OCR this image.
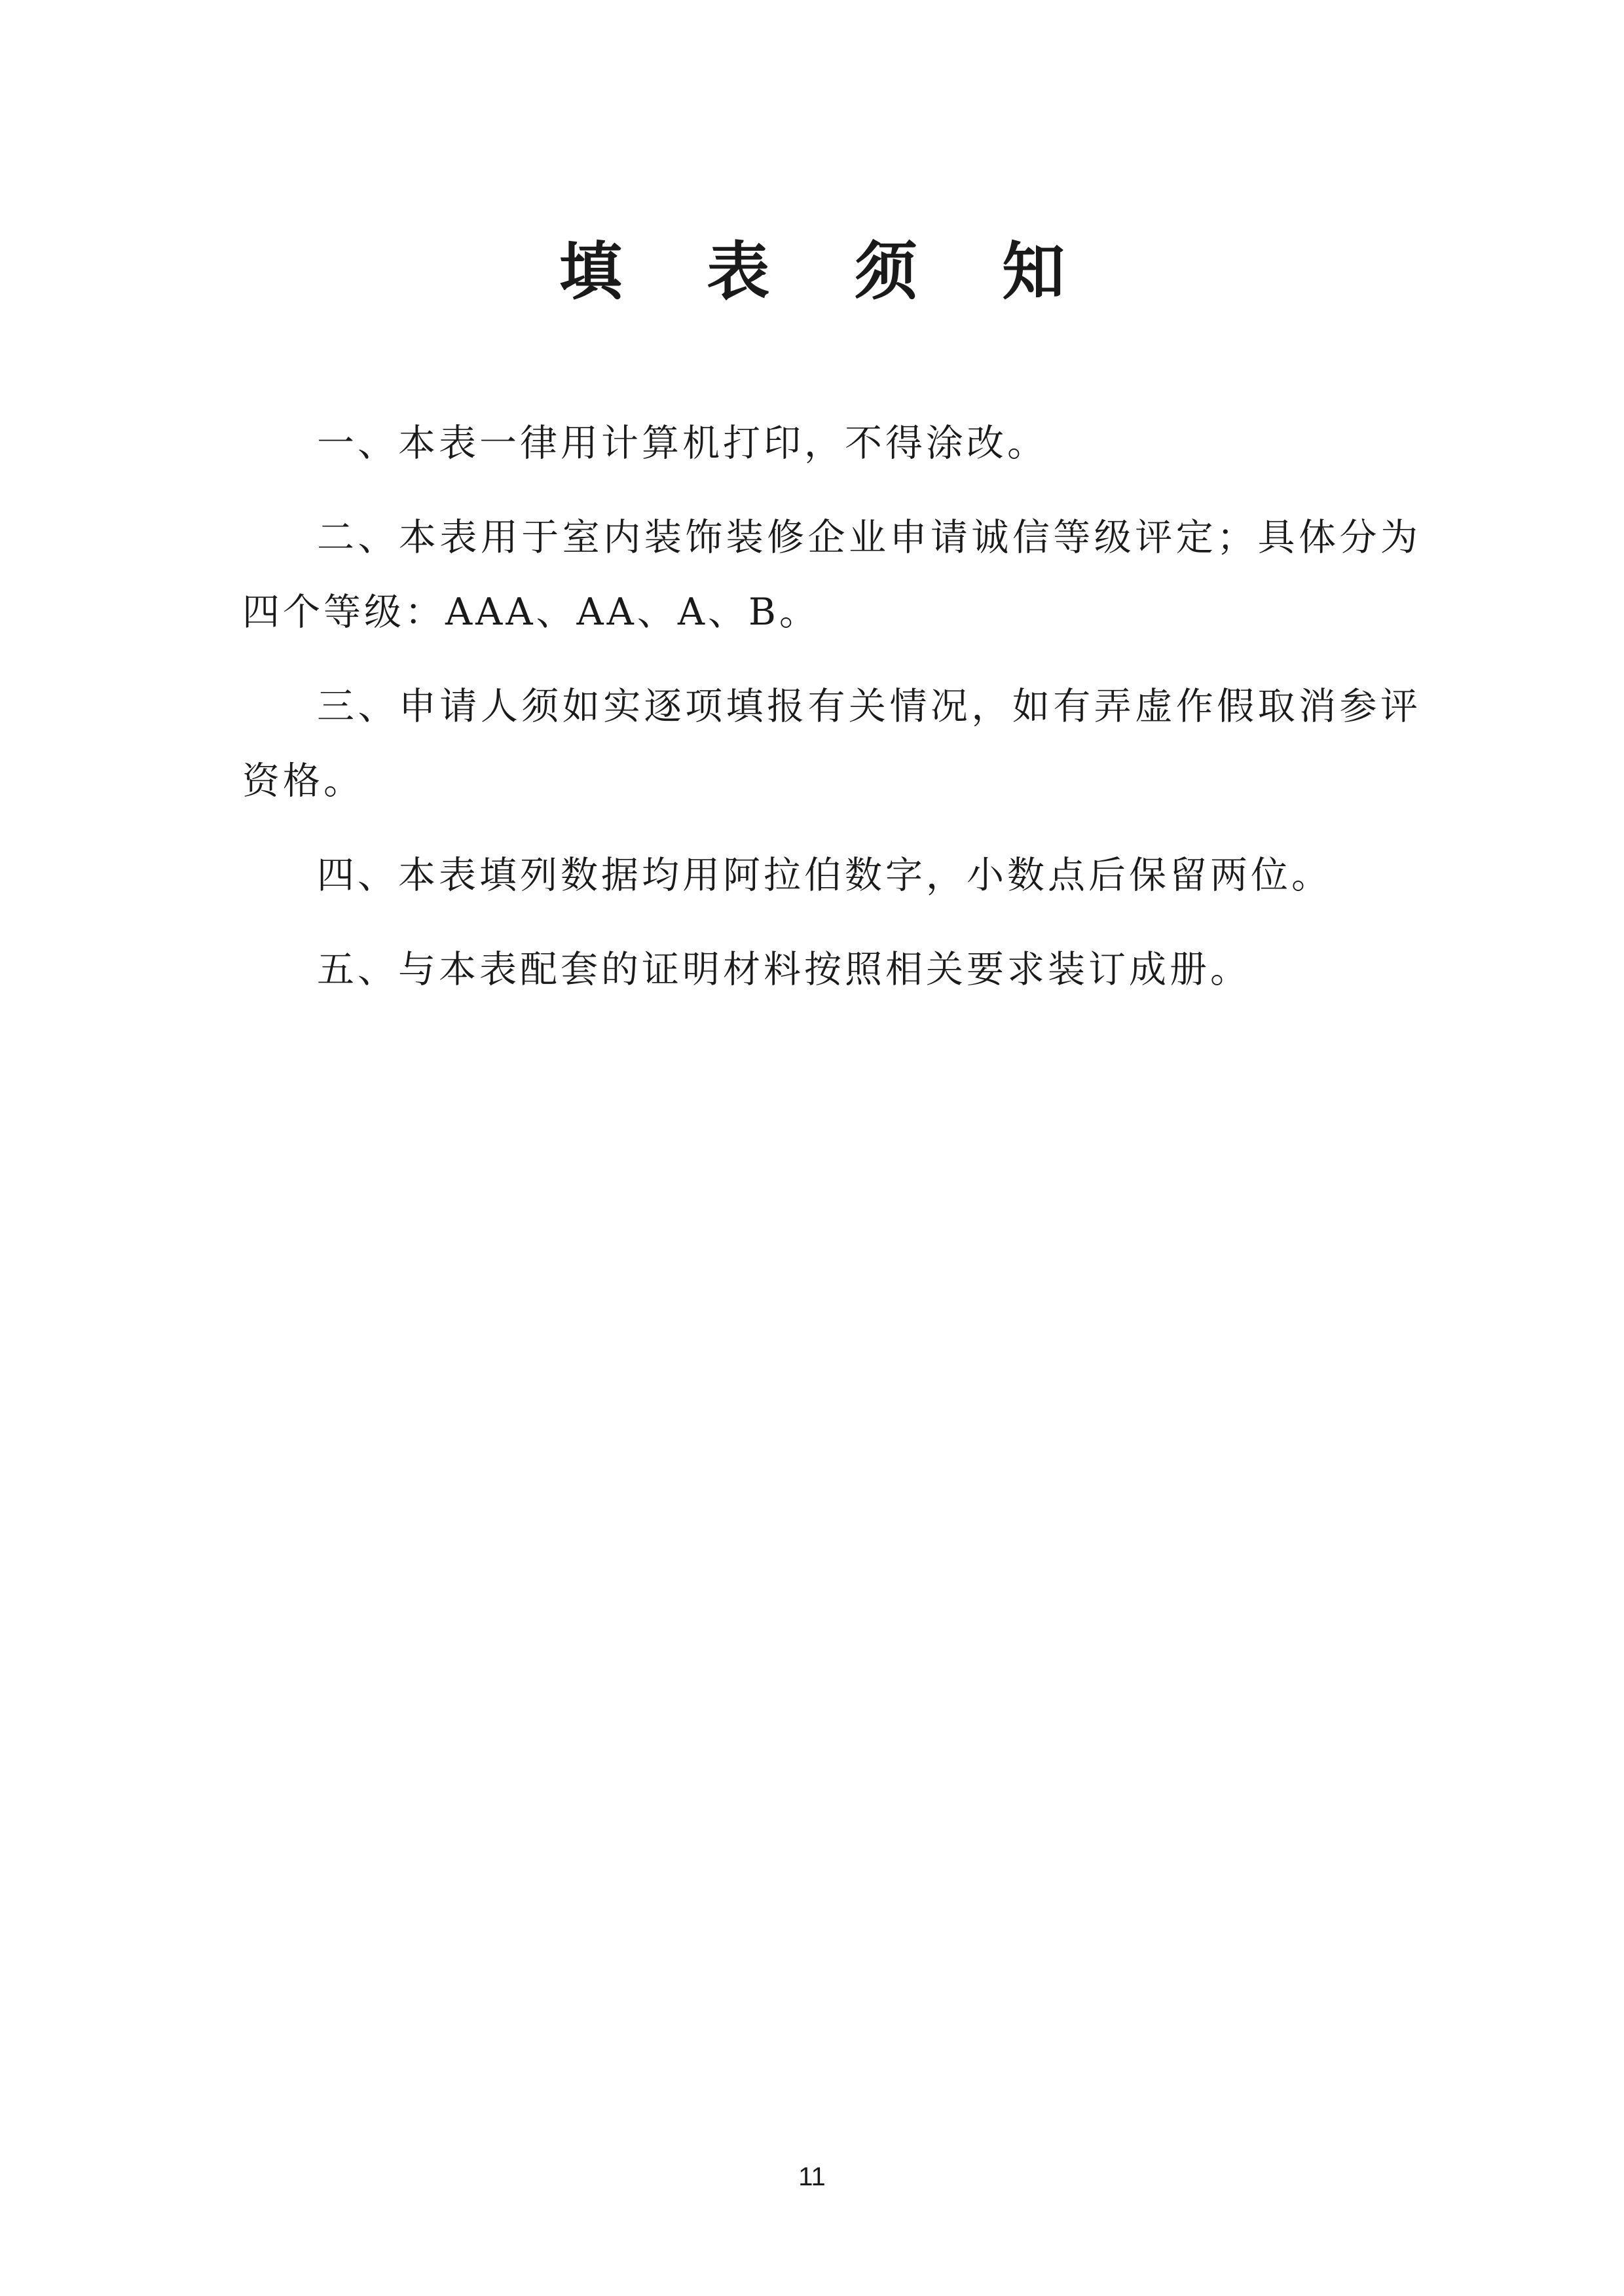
填 表 须 知

一、本表一律用计算机打印，不得涂改。

二、本表用于室内装饰装修企业申请诚信等级评定；具体分为四个等级：AAA、AA、A、B。

三、申请人须如实逐项填报有关情况，如有弄虚作假取消参评资格。

四、本表填列数据均用阿拉伯数字，小数点后保留两位。

五、与本表配套的证明材料按照相关要求装订成册。

11
